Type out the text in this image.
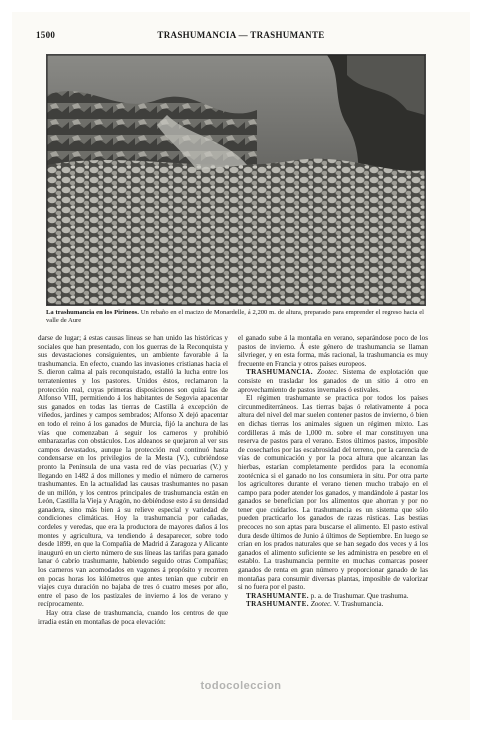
1500	TRASHUMANCIA — TRASHUMANTE
La trashumancia en los Pirineos. Un rebaño en el macizo de Monardelle, á 2,200 m. de altura, preparado para emprender el regreso hacia el valle de Aure

darse de lugar; á estas causas lineas se han unido las históricas y sociales que han presentado, con los guerras de la Reconquista y sus devastaciones consiguientes, un ambiente favorable á la trashumancia. En efecto, cuando las invasiones cristianas hacia el S. dieron calma al país reconquistado, estalló la lucha entre los terratenientes y los pastores. Unidos éstos, reclamaron la protección real, cuyas primeras disposiciones son quizá las de Alfonso VIII, permitiendo á los habitantes de Segovia apacentar sus ganados en todas las tierras de Castilla á excepción de viñedos, jardines y campos sembrados; Alfonso X dejó apacentar en todo el reino á los ganados de Murcia, fijó la anchura de las vías que comenzaban á seguir los carneros y prohibió embarazarlas con obstáculos. Los aldeanos se quejaron al ver sus campos devastados, aunque la protección real continuó hasta condensarse en los privilegios de la Mesta (V.), cubriéndose pronto la Península de una vasta red de vías pecuarias (V.) y llegando en 1482 á dos millones y medio el número de carneros trashumantes. En la actualidad las causas trashumantes no pasan de un millón, y los centros principales de trashumancia están en León, Castilla la Vieja y Aragón, no debiéndose esto á su densidad ganadera, sino más bien á su relieve especial y variedad de condiciones climáticas. Hoy la trashumancia por cañadas, cordeles y veredas, que era la productora de mayores daños á los montes y agricultura, va tendiendo á desaparecer, sobre todo desde 1899, en que la Compañía de Madrid á Zaragoza y Alicante inauguró en un cierto número de sus líneas las tarifas para ganado lanar ó cabrío trashumante, habiendo seguido otras Compañías; los carneros van acomodados en vagones á propósito y recorren en pocas horas los kilómetros que antes tenían que cubrir en viajes cuya duración no bajaba de tres ó cuatro meses por año, entre el paso de los pastizales de invierno á los de verano y recíprocamente.

Hay otra clase de trashumancia, cuando los centros de que irradia están en montañas de poca elevación:

el ganado sube á la montaña en verano, separándose poco de los pastos de invierno. Á este género de trashumancia se llaman silvrieger, y en esta forma, más racional, la trashumancia es muy frecuente en Francia y otros países europeos.

TRASHUMANCIA. Zootec. Sistema de explotación que consiste en trasladar los ganados de un sitio á otro en aprovechamiento de pastos invernales ó estivales.

El régimen trashumante se practica por todos los países circunmediterráneos. Las tierras bajas ó relativamente á poca altura del nivel del mar suelen contener pastos de invierno, ó bien en dichas tierras los animales siguen un régimen mixto. Las cordilleras á más de 1,000 m. sobre el mar constituyen una reserva de pastos para el verano. Estos últimos pastos, imposible de cosecharlos por las escabrosidad del terreno, por la carencia de vías de comunicación y por la poca altura que alcanzan las hierbas, estarían completamente perdidos para la economía zootécnica si el ganado no los consumiera in situ. Por otra parte los agricultores durante el verano tienen mucho trabajo en el campo para poder atender los ganados, y mandándole á pastar los ganados se benefician por los alimentos que ahorran y por no tener que cuidarlos. La trashumancia es un sistema que sólo pueden practicarlo los ganados de razas rústicas. Las bestias precoces no son aptas para buscarse el alimento. El pasto estival dura desde últimos de Junio á últimos de Septiembre. En luego se crían en los prados naturales que se han segado dos veces y á los ganados el alimento suficiente se les administra en pesebre en el establo. La trashumancia permite en muchas comarcas poseer ganados de renta en gran número y proporcionar ganado de las montañas para consumir diversas plantas, imposible de valorizar si no fuera por el pasto.

TRASHUMANTE. p. a. de Trashumar. Que trashuma.

TRASHUMANTE. Zootec. V. Trashumancia.

todocoleccion
